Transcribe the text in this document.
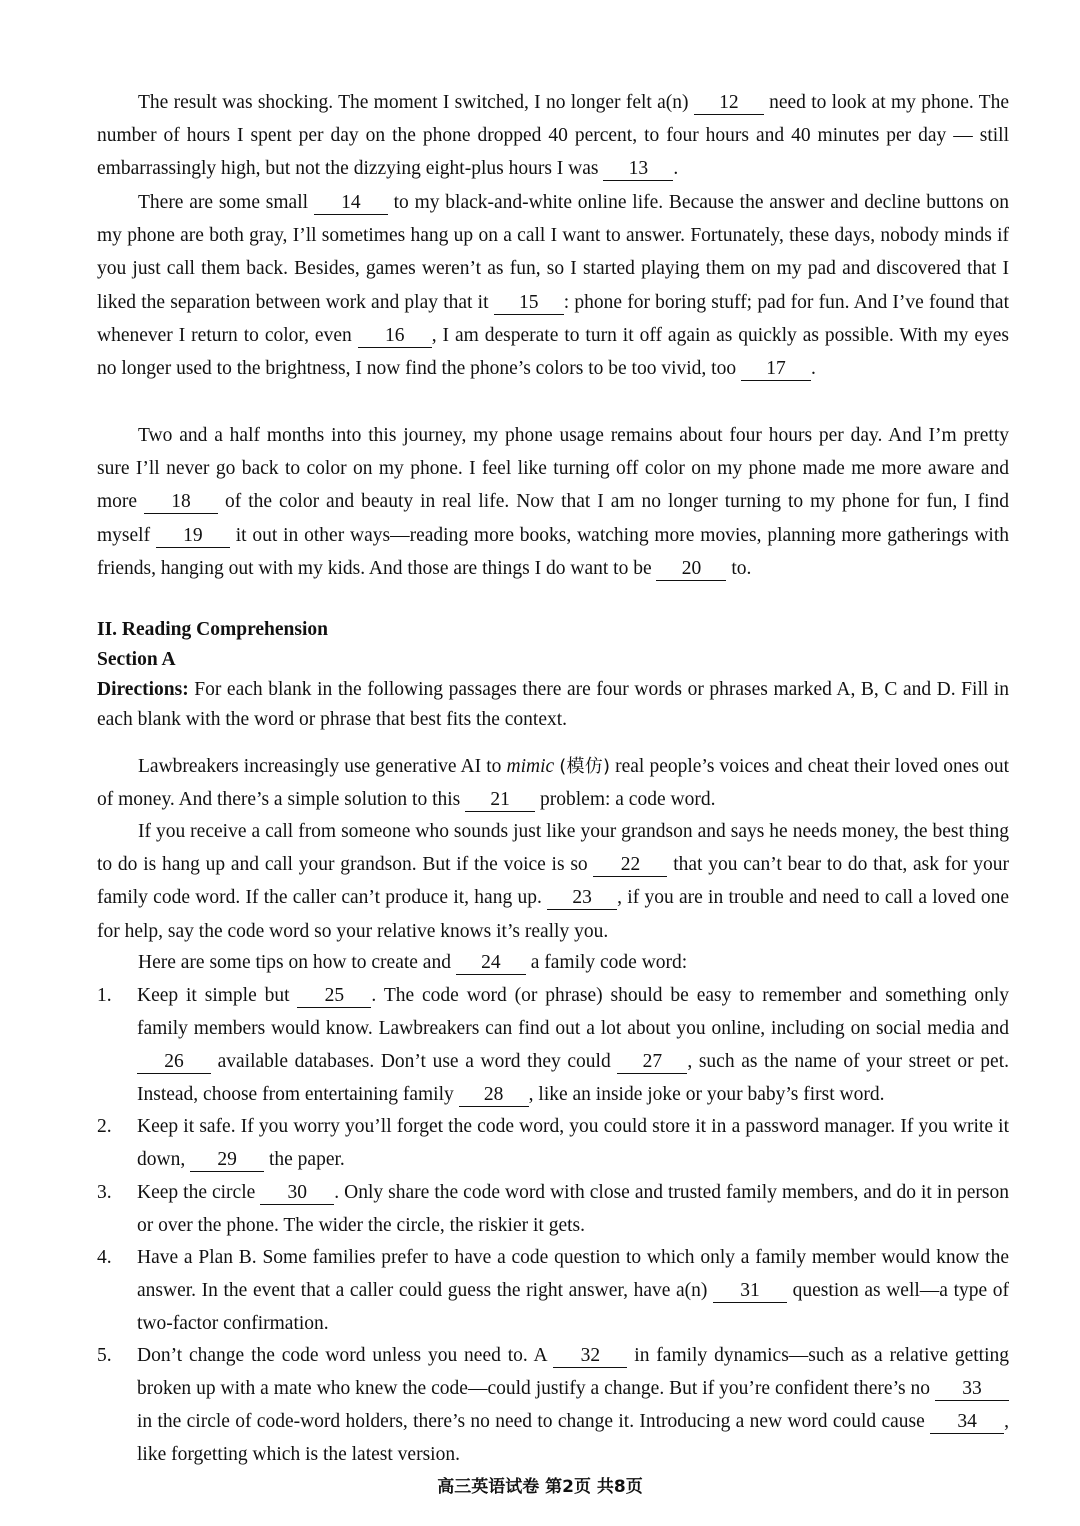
The result was shocking. The moment I switched, I no longer felt a(n) 12 need to look at my phone. The number of hours I spent per day on the phone dropped 40 percent, to four hours and 40 minutes per day — still embarrassingly high, but not the dizzying eight-plus hours I was 13 .

There are some small 14 to my black-and-white online life. Because the answer and decline buttons on my phone are both gray, I’ll sometimes hang up on a call I want to answer. Fortunately, these days, nobody minds if you just call them back. Besides, games weren’t as fun, so I started playing them on my pad and discovered that I liked the separation between work and play that it 15 : phone for boring stuff; pad for fun. And I’ve found that whenever I return to color, even 16 , I am desperate to turn it off again as quickly as possible. With my eyes no longer used to the brightness, I now find the phone’s colors to be too vivid, too 17 .

Two and a half months into this journey, my phone usage remains about four hours per day. And I’m pretty sure I’ll never go back to color on my phone. I feel like turning off color on my phone made me more aware and more 18 of the color and beauty in real life. Now that I am no longer turning to my phone for fun, I find myself 19 it out in other ways—reading more books, watching more movies, planning more gatherings with friends, hanging out with my kids. And those are things I do want to be 20 to.

II. Reading Comprehension

Section A

Directions: For each blank in the following passages there are four words or phrases marked A, B, C and D. Fill in each blank with the word or phrase that best fits the context.

Lawbreakers increasingly use generative AI to mimic (模仿) real people’s voices and cheat their loved ones out of money. And there’s a simple solution to this 21 problem: a code word.

If you receive a call from someone who sounds just like your grandson and says he needs money, the best thing to do is hang up and call your grandson. But if the voice is so 22 that you can’t bear to do that, ask for your family code word. If the caller can’t produce it, hang up. 23 , if you are in trouble and need to call a loved one for help, say the code word so your relative knows it’s really you.

Here are some tips on how to create and 24 a family code word:

1.	Keep it simple but 25 . The code word (or phrase) should be easy to remember and something only family members would know. Lawbreakers can find out a lot about you online, including on social media and 26 available databases. Don’t use a word they could 27 , such as the name of your street or pet. Instead, choose from entertaining family 28 , like an inside joke or your baby’s first word.
2.	Keep it safe. If you worry you’ll forget the code word, you could store it in a password manager. If you write it down, 29 the paper.
3.	Keep the circle 30 . Only share the code word with close and trusted family members, and do it in person or over the phone. The wider the circle, the riskier it gets.
4.	Have a Plan B. Some families prefer to have a code question to which only a family member would know the answer. In the event that a caller could guess the right answer, have a(n) 31 question as well—a type of two-factor confirmation.
5.	Don’t change the code word unless you need to. A 32 in family dynamics—such as a relative getting broken up with a mate who knew the code—could justify a change. But if you’re confident there’s no 33 in the circle of code-word holders, there’s no need to change it. Introducing a new word could cause 34 , like forgetting which is the latest version.
高三英语试卷 第2页 共8页
